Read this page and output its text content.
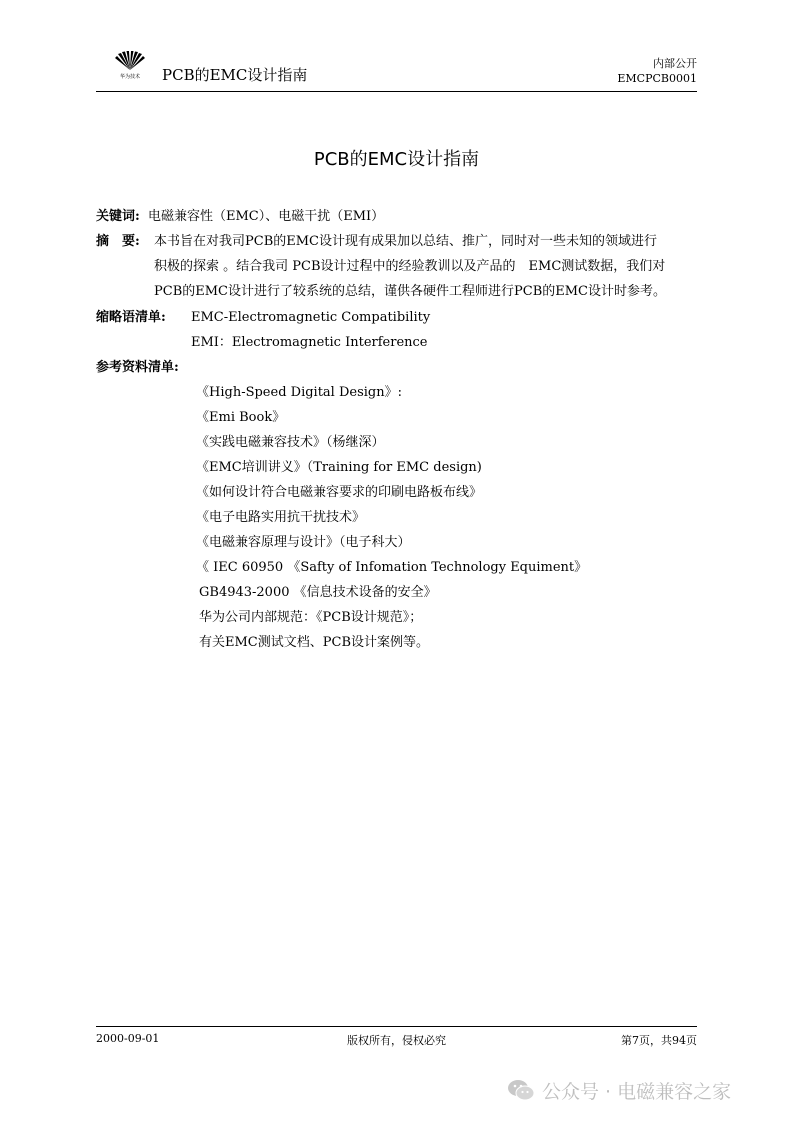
华为技术 PCB的EMC设计指南
内部公开
EMCPCB0001
PCB的EMC设计指南
关键词: 电磁兼容性（EMC）、电磁干扰（EMI）
摘　要: 本书旨在对我司PCB的EMC设计现有成果加以总结、推广，同时对一些未知的领域进行
积极的探索 。结合我司 PCB设计过程中的经验教训以及产品的　EMC测试数据，我们对
PCB的EMC设计进行了较系统的总结，谨供各硬件工程师进行PCB的EMC设计时参考。
缩略语清单: EMC-Electromagnetic Compatibility
EMI：Electromagnetic Interference
参考资料清单:
《High-Speed Digital Design》:
《Emi Book》
《实践电磁兼容技术》（杨继深）
《EMC培训讲义》（Training for EMC design)
《如何设计符合电磁兼容要求的印刷电路板布线》
《电子电路实用抗干扰技术》
《电磁兼容原理与设计》（电子科大）
《 IEC 60950 《Safty of Infomation Technology Equiment》
GB4943-2000 《信息技术设备的安全》
华为公司内部规范：《PCB设计规范》；
有关EMC测试文档、PCB设计案例等。
2000-09-01	版权所有，侵权必究	第7页，共94页
公众号 · 电磁兼容之家
